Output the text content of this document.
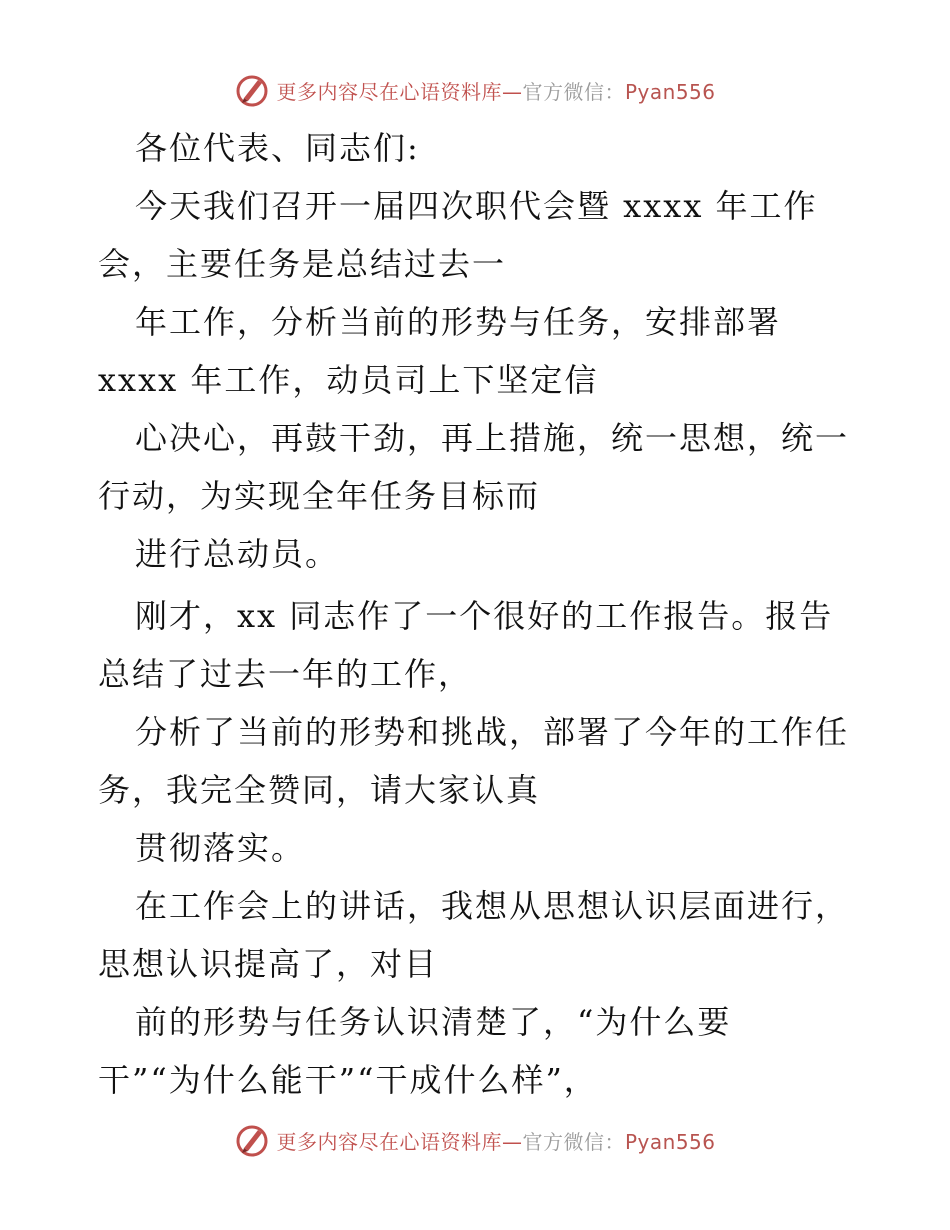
更多内容尽在心语资料库—官方微信：Pyan556
各位代表、同志们:
今天我们召开一届四次职代会暨 xxxx 年工作
会，主要任务是总结过去一
年工作，分析当前的形势与任务，安排部署
xxxx 年工作，动员司上下坚定信
心决心，再鼓干劲，再上措施，统一思想，统一
行动，为实现全年任务目标而
进行总动员。
刚才，xx 同志作了一个很好的工作报告。报告
总结了过去一年的工作，
分析了当前的形势和挑战，部署了今年的工作任
务，我完全赞同，请大家认真
贯彻落实。
在工作会上的讲话，我想从思想认识层面进行，
思想认识提高了，对目
前的形势与任务认识清楚了，“为什么要
干”“为什么能干”“干成什么样”，
更多内容尽在心语资料库—官方微信：Pyan556
